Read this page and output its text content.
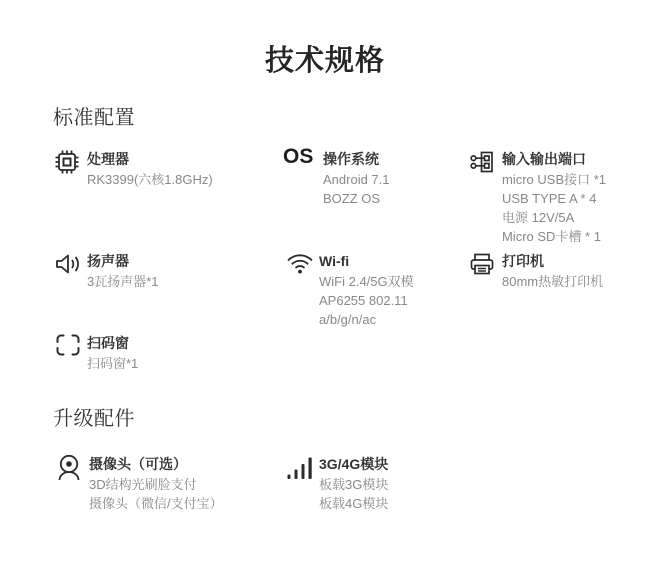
技术规格
标准配置
处理器
RK3399(六核1.8GHz)
OS 操作系统
Android 7.1
BOZZ OS
输入输出端口
micro USB接口 *1
USB TYPE A * 4
电源 12V/5A
Micro SD卡槽 * 1
扬声器
3瓦扬声器*1
Wi-fi
WiFi 2.4/5G双模
AP6255 802.11
a/b/g/n/ac
打印机
80mm热敏打印机
扫码窗
扫码窗*1
升级配件
摄像头（可选）
3D结构光刷脸支付
摄像头（微信/支付宝）
3G/4G模块
板载3G模块
板载4G模块
